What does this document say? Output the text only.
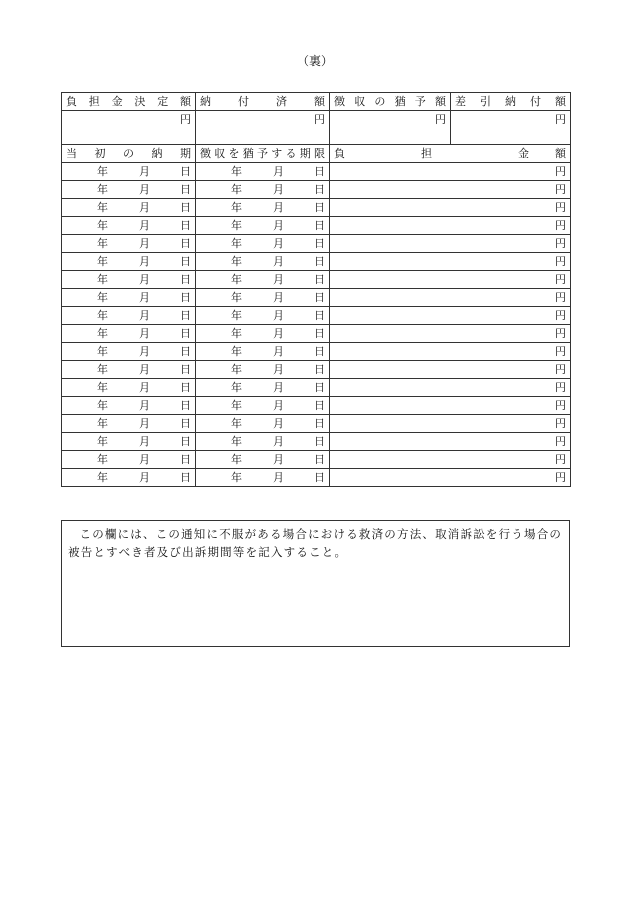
（裏）
負担金決定額	納付済額	徴収の猶予額	差引納付額
円	円	円	円
当初の納期	徴収を猶予する期限	負 担 金 額	

年 月 日	年 月 日	円	

年 月 日	年 月 日	円	

年 月 日	年 月 日	円	

年 月 日	年 月 日	円	

年 月 日	年 月 日	円	

年 月 日	年 月 日	円	

年 月 日	年 月 日	円	

年 月 日	年 月 日	円	

年 月 日	年 月 日	円	

年 月 日	年 月 日	円	

年 月 日	年 月 日	円	

年 月 日	年 月 日	円	

年 月 日	年 月 日	円	

年 月 日	年 月 日	円	

年 月 日	年 月 日	円	

年 月 日	年 月 日	円	

年 月 日	年 月 日	円	

年 月 日	年 月 日	円	
この欄には、この通知に不服がある場合における救済の方法、取消訴訟を行う場合の被告とすべき者及び出訴期間等を記入すること。
